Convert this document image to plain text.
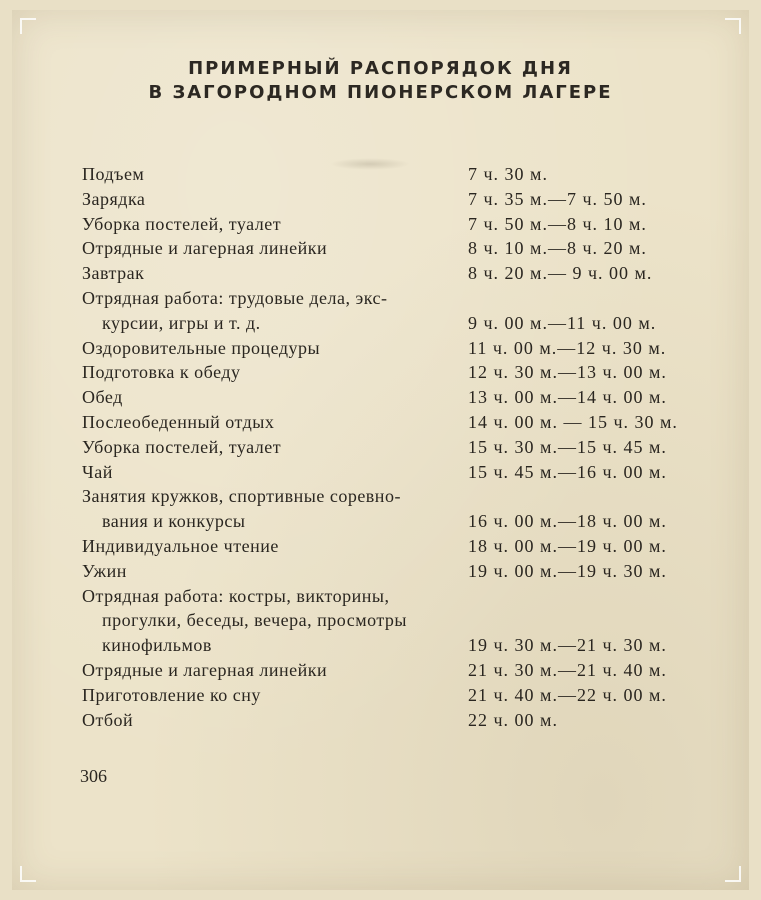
ПРИМЕРНЫЙ РАСПОРЯДОК ДНЯ
В ЗАГОРОДНОМ ПИОНЕРСКОМ ЛАГЕРЕ
Подъем	7 ч. 30 м.
Зарядка	7 ч. 35 м.—7 ч. 50 м.
Уборка постелей, туалет	7 ч. 50 м.—8 ч. 10 м.
Отрядные и лагерная линейки	8 ч. 10 м.—8 ч. 20 м.
Завтрак	8 ч. 20 м.— 9 ч. 00 м.
Отрядная работа: трудовые дела, экс-
курсии, игры и т. д.	9 ч. 00 м.—11 ч. 00 м.
Оздоровительные процедуры	11 ч. 00 м.—12 ч. 30 м.
Подготовка к обеду	12 ч. 30 м.—13 ч. 00 м.
Обед	13 ч. 00 м.—14 ч. 00 м.
Послеобеденный отдых	14 ч. 00 м. — 15 ч. 30 м.
Уборка постелей, туалет	15 ч. 30 м.—15 ч. 45 м.
Чай	15 ч. 45 м.—16 ч. 00 м.
Занятия кружков, спортивные соревно-
вания и конкурсы	16 ч. 00 м.—18 ч. 00 м.
Индивидуальное чтение	18 ч. 00 м.—19 ч. 00 м.
Ужин	19 ч. 00 м.—19 ч. 30 м.
Отрядная работа: костры, викторины,
прогулки, беседы, вечера, просмотры
кинофильмов	19 ч. 30 м.—21 ч. 30 м.
Отрядные и лагерная линейки	21 ч. 30 м.—21 ч. 40 м.
Приготовление ко сну	21 ч. 40 м.—22 ч. 00 м.
Отбой	22 ч. 00 м.
306
